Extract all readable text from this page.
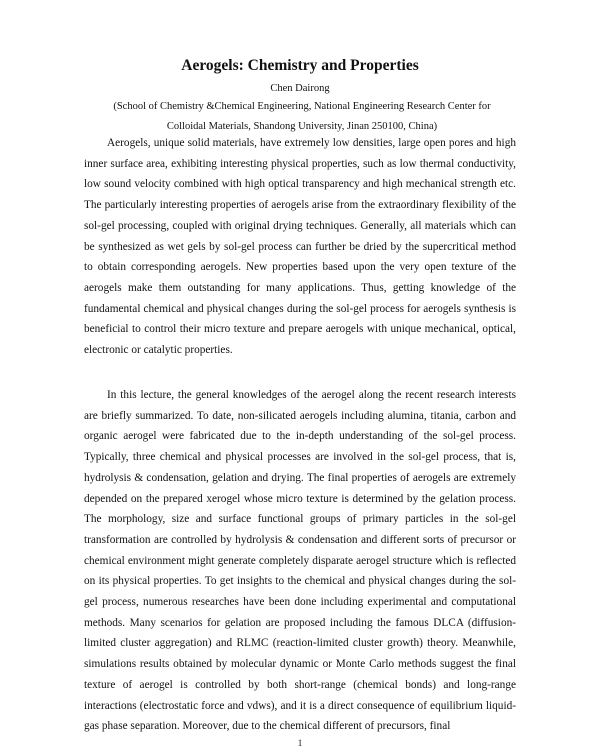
Aerogels: Chemistry and Properties

Chen Dairong

(School of Chemistry &Chemical Engineering, National Engineering Research Center for Colloidal Materials, Shandong University, Jinan 250100, China)

Aerogels, unique solid materials, have extremely low densities, large open pores and high inner surface area, exhibiting interesting physical properties, such as low thermal conductivity, low sound velocity combined with high optical transparency and high mechanical strength etc. The particularly interesting properties of aerogels arise from the extraordinary flexibility of the sol-gel processing, coupled with original drying techniques. Generally, all materials which can be synthesized as wet gels by sol-gel process can further be dried by the supercritical method to obtain corresponding aerogels. New properties based upon the very open texture of the aerogels make them outstanding for many applications. Thus, getting knowledge of the fundamental chemical and physical changes during the sol-gel process for aerogels synthesis is beneficial to control their micro texture and prepare aerogels with unique mechanical, optical, electronic or catalytic properties.

In this lecture, the general knowledges of the aerogel along the recent research interests are briefly summarized. To date, non-silicated aerogels including alumina, titania, carbon and organic aerogel were fabricated due to the in-depth understanding of the sol-gel process. Typically, three chemical and physical processes are involved in the sol-gel process, that is, hydrolysis & condensation, gelation and drying. The final properties of aerogels are extremely depended on the prepared xerogel whose micro texture is determined by the gelation process. The morphology, size and surface functional groups of primary particles in the sol-gel transformation are controlled by hydrolysis & condensation and different sorts of precursor or chemical environment might generate completely disparate aerogel structure which is reflected on its physical properties. To get insights to the chemical and physical changes during the sol-gel process, numerous researches have been done including experimental and computational methods. Many scenarios for gelation are proposed including the famous DLCA (diffusion-limited cluster aggregation) and RLMC (reaction-limited cluster growth) theory. Meanwhile, simulations results obtained by molecular dynamic or Monte Carlo methods suggest the final texture of aerogel is controlled by both short-range (chemical bonds) and long-range interactions (electrostatic force and vdws), and it is a direct consequence of equilibrium liquid-gas phase separation. Moreover, due to the chemical different of precursors, final

1
